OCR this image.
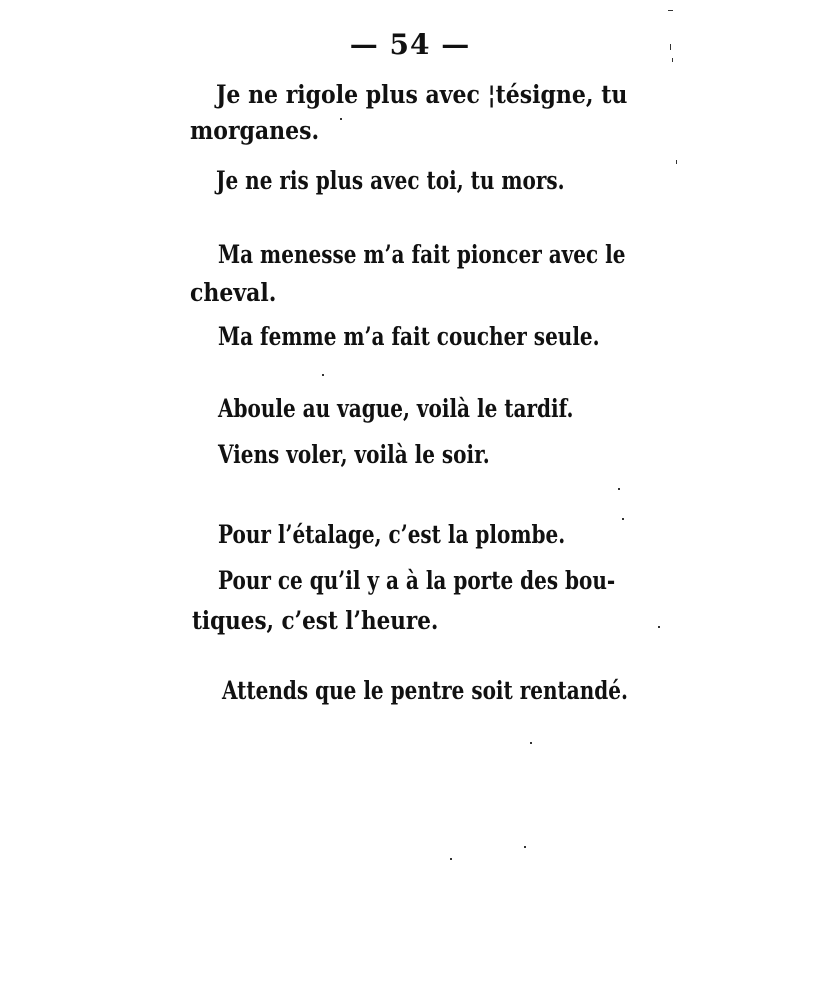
— 54 —
Je ne rigole plus avec ¦tésigne, tu
morganes.
Je ne ris plus avec toi, tu mors.
Ma menesse m’a fait pioncer avec le
cheval.
Ma femme m’a fait coucher seule.
Aboule au vague, voilà le tardif.
Viens voler, voilà le soir.
Pour l’étalage, c’est la plombe.
Pour ce qu’il y a à la porte des bou-
tiques, c’est l’heure.
Attends que le pentre soit rentandé.
